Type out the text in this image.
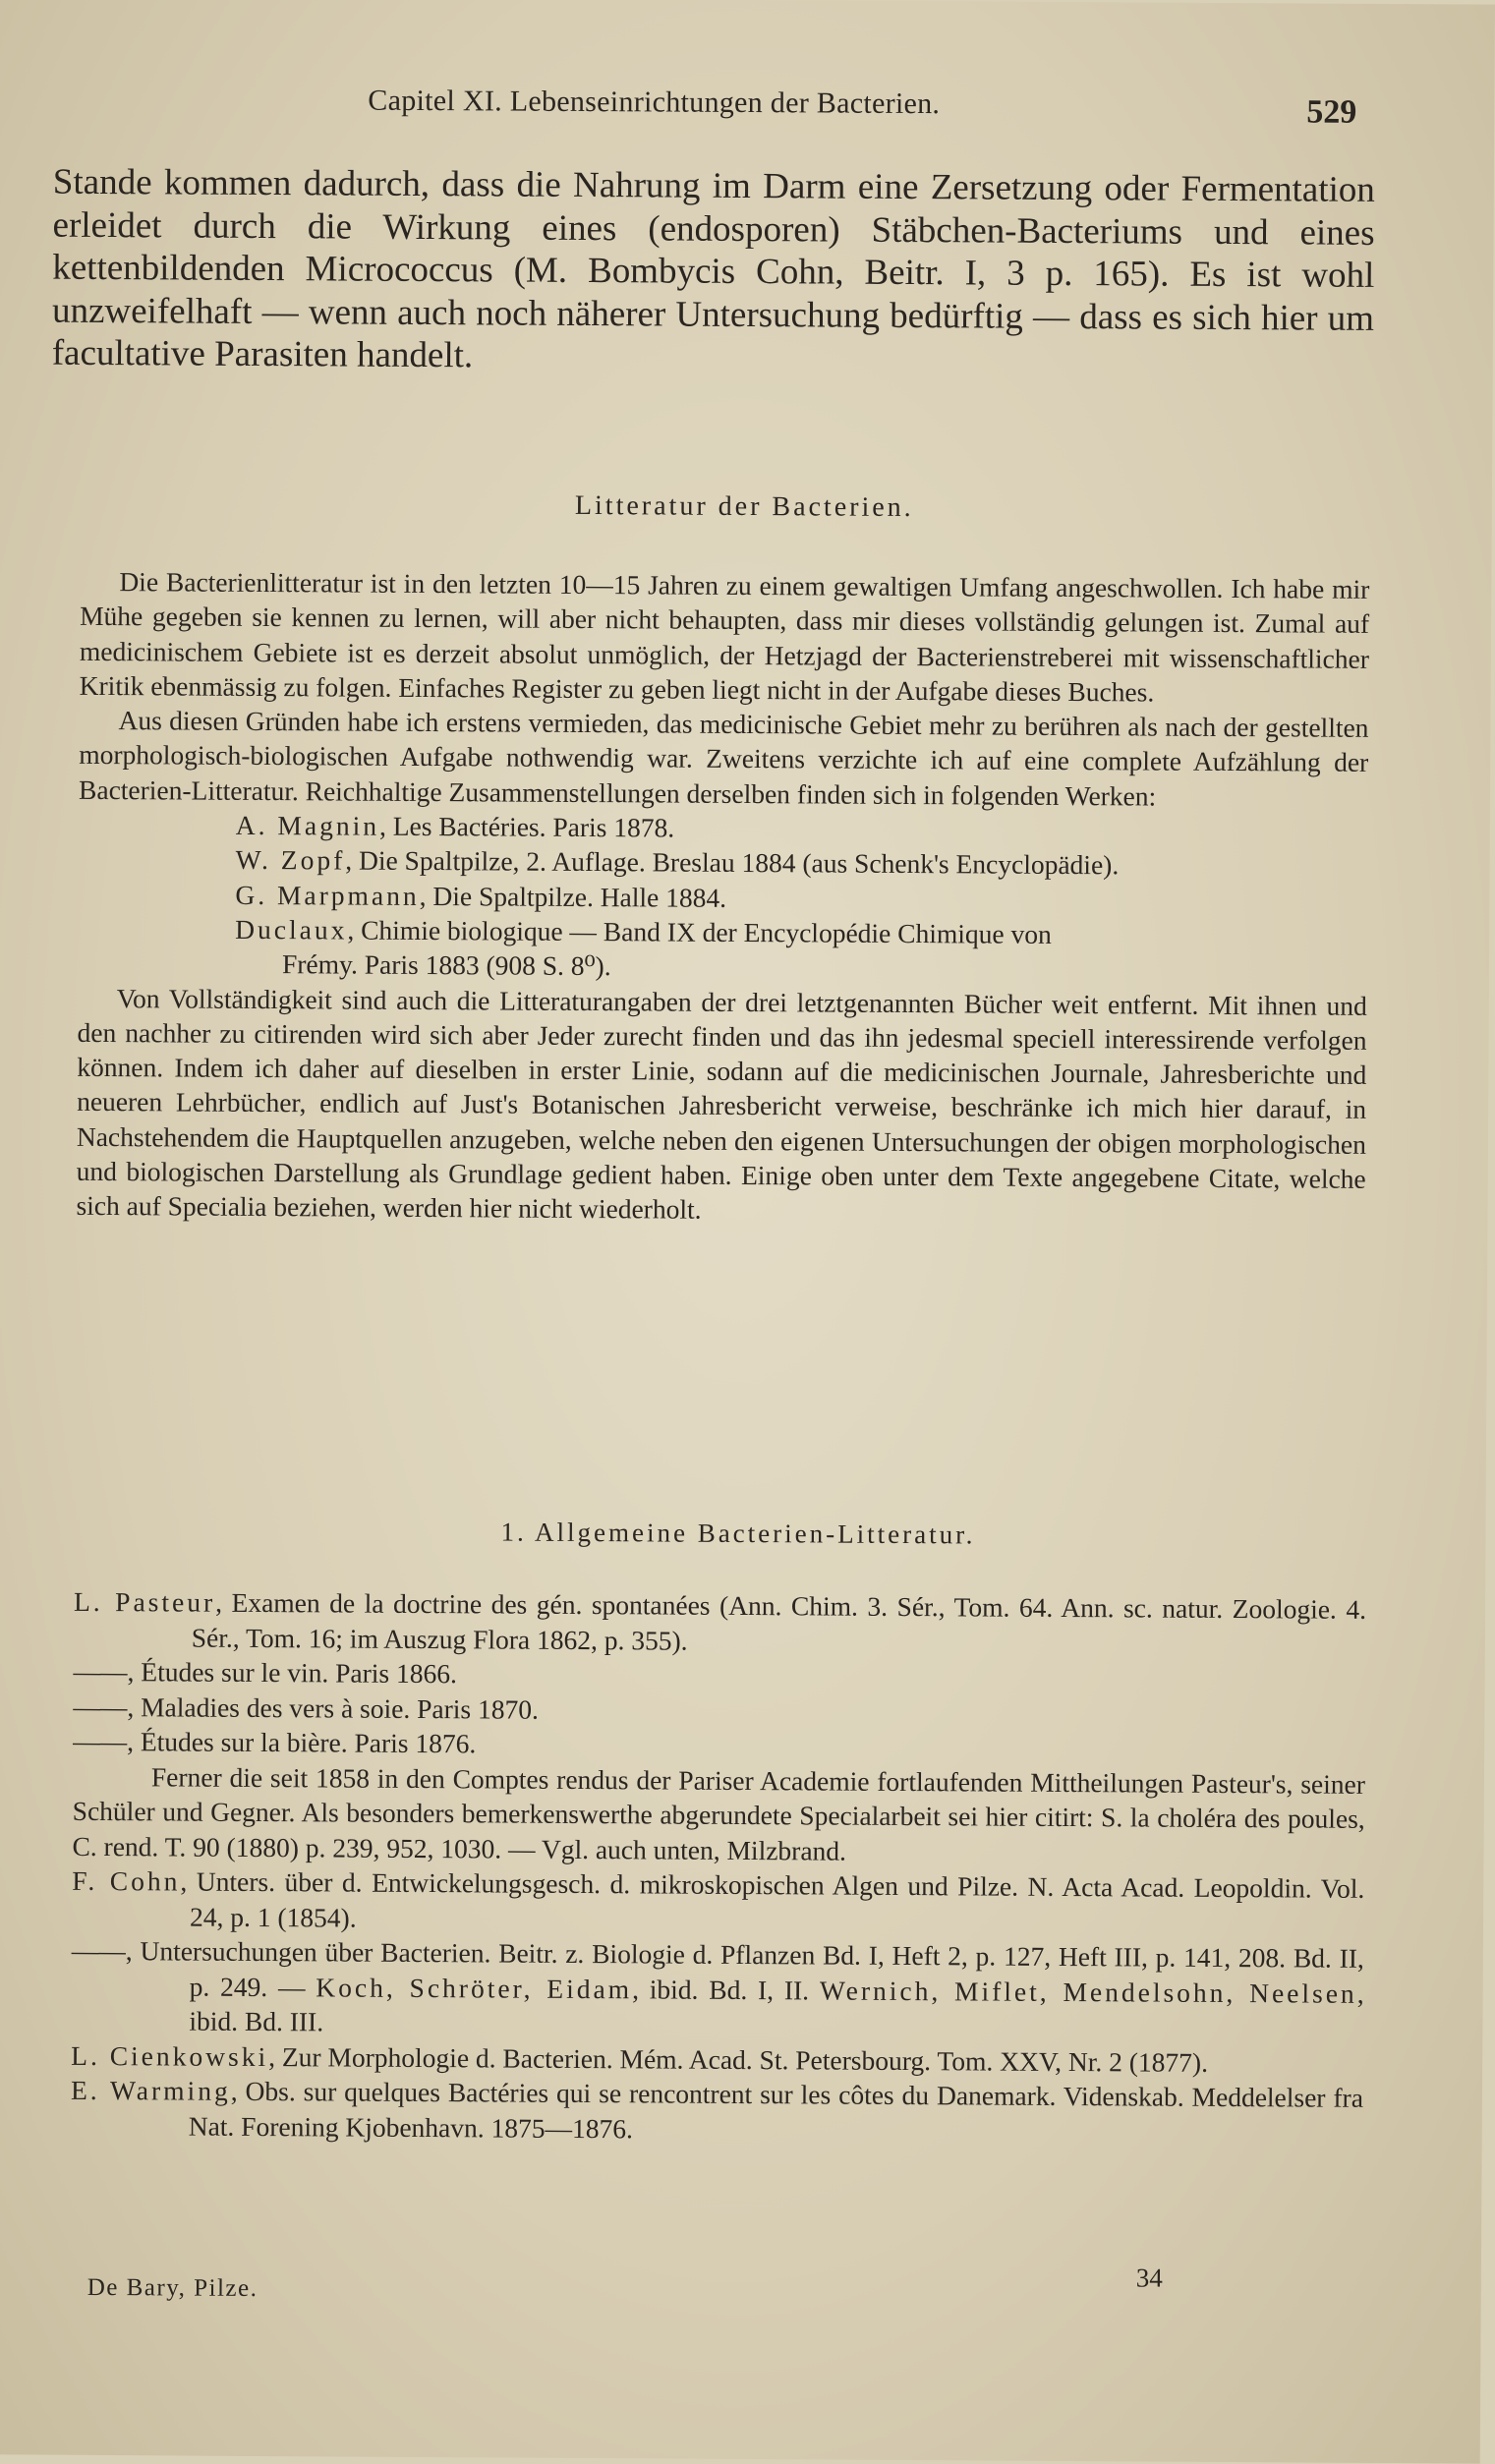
Capitel XI. Lebenseinrichtungen der Bacterien.	529

Stande kommen dadurch, dass die Nahrung im Darm eine Zersetzung oder Fermentation erleidet durch die Wirkung eines (endosporen) Stäbchen-Bacteriums und eines kettenbildenden Micrococcus (M. Bombycis Cohn, Beitr. I, 3 p. 165). Es ist wohl unzweifelhaft — wenn auch noch näherer Untersuchung bedürftig — dass es sich hier um facultative Parasiten handelt.

Litteratur der Bacterien.

Die Bacterienlitteratur ist in den letzten 10—15 Jahren zu einem gewaltigen Umfang angeschwollen. Ich habe mir Mühe gegeben sie kennen zu lernen, will aber nicht behaupten, dass mir dieses vollständig gelungen ist. Zumal auf medicinischem Gebiete ist es derzeit absolut unmöglich, der Hetzjagd der Bacterienstreberei mit wissenschaftlicher Kritik ebenmässig zu folgen. Einfaches Register zu geben liegt nicht in der Aufgabe dieses Buches.

Aus diesen Gründen habe ich erstens vermieden, das medicinische Gebiet mehr zu berühren als nach der gestellten morphologisch-biologischen Aufgabe nothwendig war. Zweitens verzichte ich auf eine complete Aufzählung der Bacterien-Litteratur. Reichhaltige Zusammenstellungen derselben finden sich in folgenden Werken:

A. Magnin, Les Bactéries. Paris 1878.
W. Zopf, Die Spaltpilze, 2. Auflage. Breslau 1884 (aus Schenk's Encyclopädie).
G. Marpmann, Die Spaltpilze. Halle 1884.
Duclaux, Chimie biologique — Band IX der Encyclopédie Chimique von
Frémy. Paris 1883 (908 S. 8⁰).

Von Vollständigkeit sind auch die Litteraturangaben der drei letztgenannten Bücher weit entfernt. Mit ihnen und den nachher zu citirenden wird sich aber Jeder zurecht finden und das ihn jedesmal speciell interessirende verfolgen können. Indem ich daher auf dieselben in erster Linie, sodann auf die medicinischen Journale, Jahresberichte und neueren Lehrbücher, endlich auf Just's Botanischen Jahresbericht verweise, beschränke ich mich hier darauf, in Nachstehendem die Hauptquellen anzugeben, welche neben den eigenen Untersuchungen der obigen morphologischen und biologischen Darstellung als Grundlage gedient haben. Einige oben unter dem Texte angegebene Citate, welche sich auf Specialia beziehen, werden hier nicht wiederholt.

1. Allgemeine Bacterien-Litteratur.

L. Pasteur, Examen de la doctrine des gén. spontanées (Ann. Chim. 3. Sér., Tom. 64. Ann. sc. natur. Zoologie. 4. Sér., Tom. 16; im Auszug Flora 1862, p. 355).

——, Études sur le vin. Paris 1866.

——, Maladies des vers à soie. Paris 1870.

——, Études sur la bière. Paris 1876.

Ferner die seit 1858 in den Comptes rendus der Pariser Academie fortlaufenden Mittheilungen Pasteur's, seiner Schüler und Gegner. Als besonders bemerkenswerthe abgerundete Specialarbeit sei hier citirt: S. la choléra des poules, C. rend. T. 90 (1880) p. 239, 952, 1030. — Vgl. auch unten, Milzbrand.

F. Cohn, Unters. über d. Entwickelungsgesch. d. mikroskopischen Algen und Pilze. N. Acta Acad. Leopoldin. Vol. 24, p. 1 (1854).

——, Untersuchungen über Bacterien. Beitr. z. Biologie d. Pflanzen Bd. I, Heft 2, p. 127, Heft III, p. 141, 208. Bd. II, p. 249. — Koch, Schröter, Eidam, ibid. Bd. I, II. Wernich, Miflet, Mendelsohn, Neelsen, ibid. Bd. III.

L. Cienkowski, Zur Morphologie d. Bacterien. Mém. Acad. St. Petersbourg. Tom. XXV, Nr. 2 (1877).

E. Warming, Obs. sur quelques Bactéries qui se rencontrent sur les côtes du Danemark. Videnskab. Meddelelser fra Nat. Forening Kjobenhavn. 1875—1876.

De Bary, Pilze.	34
